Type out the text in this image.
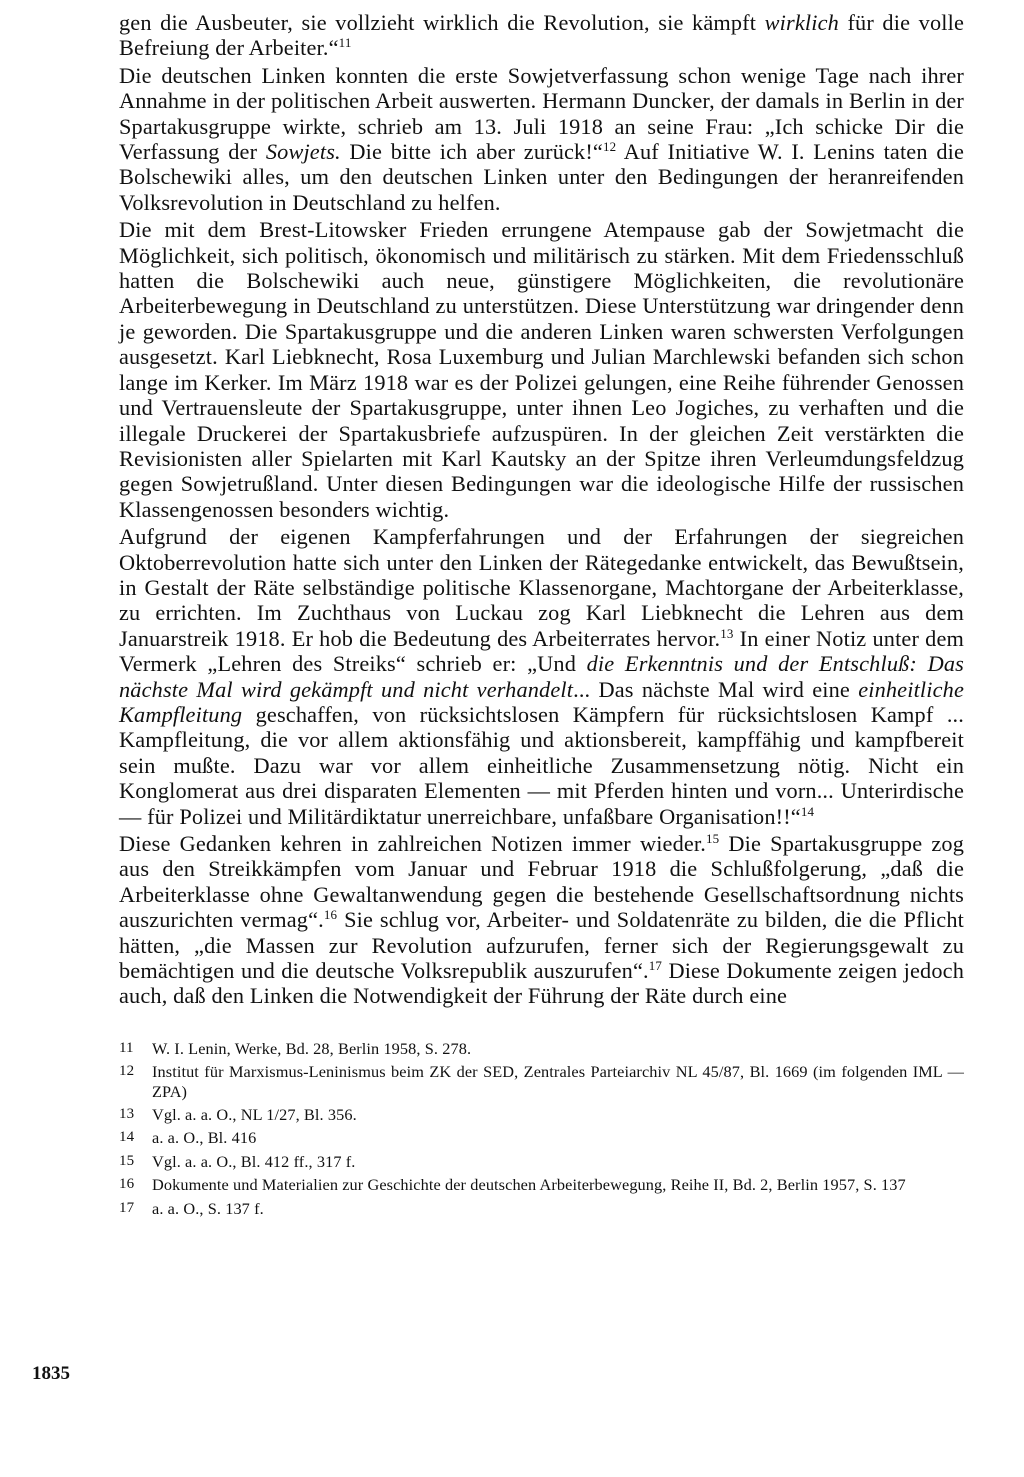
gen die Ausbeuter, sie vollzieht wirklich die Revolution, sie kämpft wirklich für die volle Befreiung der Arbeiter.“$^{11}$

Die deutschen Linken konnten die erste Sowjetverfassung schon wenige Tage nach ihrer Annahme in der politischen Arbeit auswerten. Hermann Duncker, der damals in Berlin in der Spartakusgruppe wirkte, schrieb am 13. Juli 1918 an seine Frau: „Ich schicke Dir die Verfassung der Sowjets. Die bitte ich aber zurück!“$^{12}$ Auf Initiative W. I. Lenins taten die Bolschewiki alles, um den deutschen Linken unter den Bedingungen der heranreifenden Volksrevolution in Deutschland zu helfen.

Die mit dem Brest-Litowsker Frieden errungene Atempause gab der Sowjetmacht die Möglichkeit, sich politisch, ökonomisch und militärisch zu stärken. Mit dem Friedensschluß hatten die Bolschewiki auch neue, günstigere Möglichkeiten, die revolutionäre Arbeiterbewegung in Deutschland zu unterstützen. Diese Unterstützung war dringender denn je geworden. Die Spartakusgruppe und die anderen Linken waren schwersten Verfolgungen ausgesetzt. Karl Liebknecht, Rosa Luxemburg und Julian Marchlewski befanden sich schon lange im Kerker. Im März 1918 war es der Polizei gelungen, eine Reihe führender Genossen und Vertrauensleute der Spartakusgruppe, unter ihnen Leo Jogiches, zu verhaften und die illegale Druckerei der Spartakusbriefe aufzuspüren. In der gleichen Zeit verstärkten die Revisionisten aller Spielarten mit Karl Kautsky an der Spitze ihren Verleumdungsfeldzug gegen Sowjetrußland. Unter diesen Bedingungen war die ideologische Hilfe der russischen Klassengenossen besonders wichtig.

Aufgrund der eigenen Kampferfahrungen und der Erfahrungen der siegreichen Oktoberrevolution hatte sich unter den Linken der Rätegedanke entwickelt, das Bewußtsein, in Gestalt der Räte selbständige politische Klassenorgane, Machtorgane der Arbeiterklasse, zu errichten. Im Zuchthaus von Luckau zog Karl Liebknecht die Lehren aus dem Januarstreik 1918. Er hob die Bedeutung des Arbeiterrates hervor.$^{13}$ In einer Notiz unter dem Vermerk „Lehren des Streiks“ schrieb er: „Und die Erkenntnis und der Entschluß: Das nächste Mal wird gekämpft und nicht verhandelt... Das nächste Mal wird eine einheitliche Kampfleitung geschaffen, von rücksichtslosen Kämpfern für rücksichtslosen Kampf ... Kampfleitung, die vor allem aktionsfähig und aktionsbereit, kampffähig und kampfbereit sein mußte. Dazu war vor allem einheitliche Zusammensetzung nötig. Nicht ein Konglomerat aus drei disparaten Elementen — mit Pferden hinten und vorn... Unterirdische — für Polizei und Militärdiktatur unerreichbare, unfaßbare Organisation!!“$^{14}$

Diese Gedanken kehren in zahlreichen Notizen immer wieder.$^{15}$ Die Spartakusgruppe zog aus den Streikkämpfen vom Januar und Februar 1918 die Schlußfolgerung, „daß die Arbeiterklasse ohne Gewaltanwendung gegen die bestehende Gesellschaftsordnung nichts auszurichten vermag“.$^{16}$ Sie schlug vor, Arbeiter- und Soldatenräte zu bilden, die die Pflicht hätten, „die Massen zur Revolution aufzurufen, ferner sich der Regierungsgewalt zu bemächtigen und die deutsche Volksrepublik auszurufen“.$^{17}$ Diese Dokumente zeigen jedoch auch, daß den Linken die Notwendigkeit der Führung der Räte durch eine

11 W. I. Lenin, Werke, Bd. 28, Berlin 1958, S. 278.
12 Institut für Marxismus-Leninismus beim ZK der SED, Zentrales Parteiarchiv NL 45/87, Bl. 1669 (im folgenden IML — ZPA)
13 Vgl. a. a. O., NL 1/27, Bl. 356.
14 a. a. O., Bl. 416
15 Vgl. a. a. O., Bl. 412 ff., 317 f.
16 Dokumente und Materialien zur Geschichte der deutschen Arbeiterbewegung, Reihe II, Bd. 2, Berlin 1957, S. 137
17 a. a. O., S. 137 f.
1835
